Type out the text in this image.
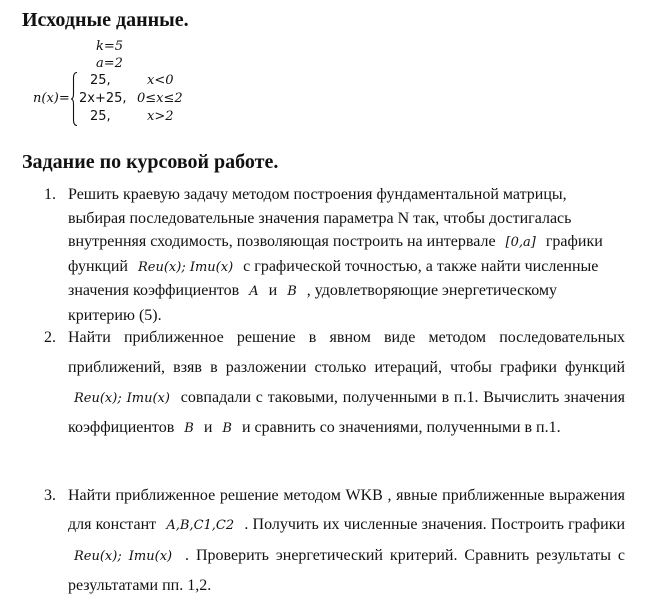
Исходные данные.
k=5
a=2
n(x)=
25,	x<0
2x+25, 0≤x≤2
25,	x>2
Задание по курсовой работе.
1. Решить краевую задачу методом построения фундаментальной матрицы, выбирая последовательные значения параметра N так, чтобы достигалась внутренняя сходимость, позволяющая построить на интервале [0,a] графики функций Reu(x); Imu(x) с графической точностью, а также найти численные значения коэффициентов A и B , удовлетворяющие энергетическому критерию (5).
2. Найти приближенное решение в явном виде методом последовательных приближений, взяв в разложении столько итераций, чтобы графики функций Reu(x); Imu(x) совпадали с таковыми, полученными в п.1. Вычислить значения коэффициентов B и B и сравнить со значениями, полученными в п.1.
3. Найти приближенное решение методом WKB , явные приближенные выражения для констант A,B,C1,C2 . Получить их численные значения. Построить графики Reu(x); Imu(x) . Проверить энергетический критерий. Сравнить результаты с результатами пп. 1,2.
